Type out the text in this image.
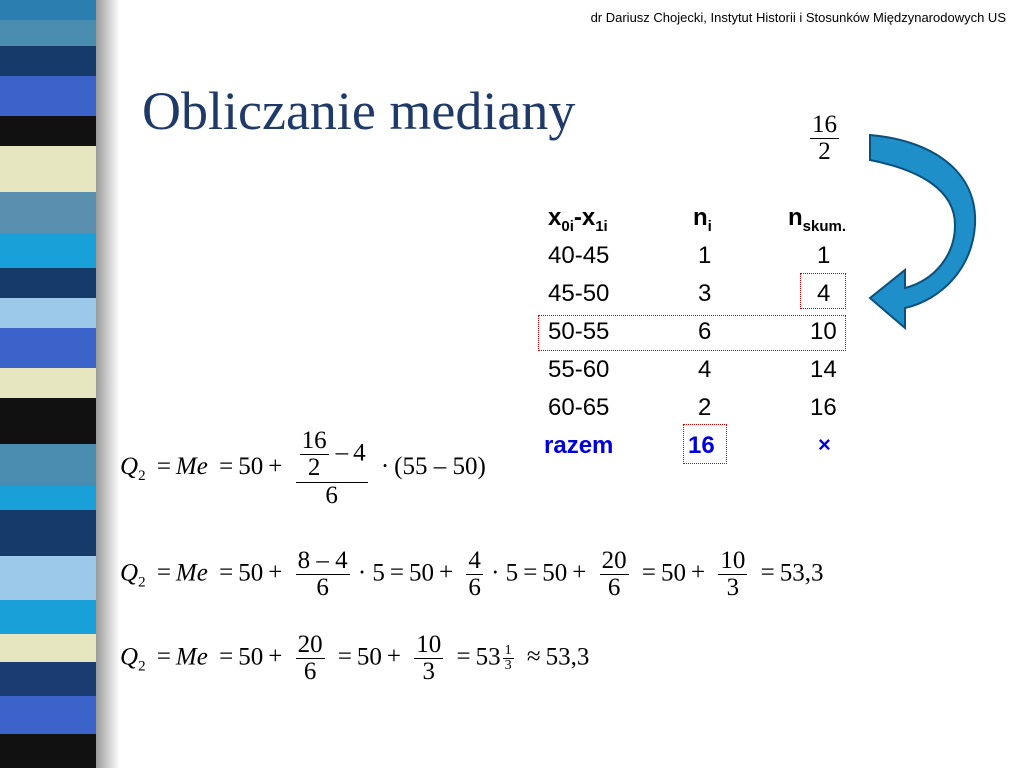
dr Dariusz Chojecki, Instytut Historii i Stosunków Międzynarodowych US
Obliczanie mediany	$\frac{16}{2}$
$x_{0i}-x_{1i}$	$n_i$	$n_{skum.}$
40-45	1	1
45-50	3	4
50-55	6	10
55-60	4	14
60-65	2	16
razem	16	×
$Q_2 = Me = 50 + \frac{\frac{16}{2} - 4}{6} \cdot (55 - 50)$
$Q_2 = Me = 50 + \frac{8 - 4}{6} \cdot 5 = 50 + \frac{4}{6} \cdot 5 = 50 + \frac{20}{6} = 50 + \frac{10}{3} = 53,3$
$Q_2 = Me = 50 + \frac{20}{6} = 50 + \frac{10}{3} = 53 \frac{1}{3} \approx 53,3$
